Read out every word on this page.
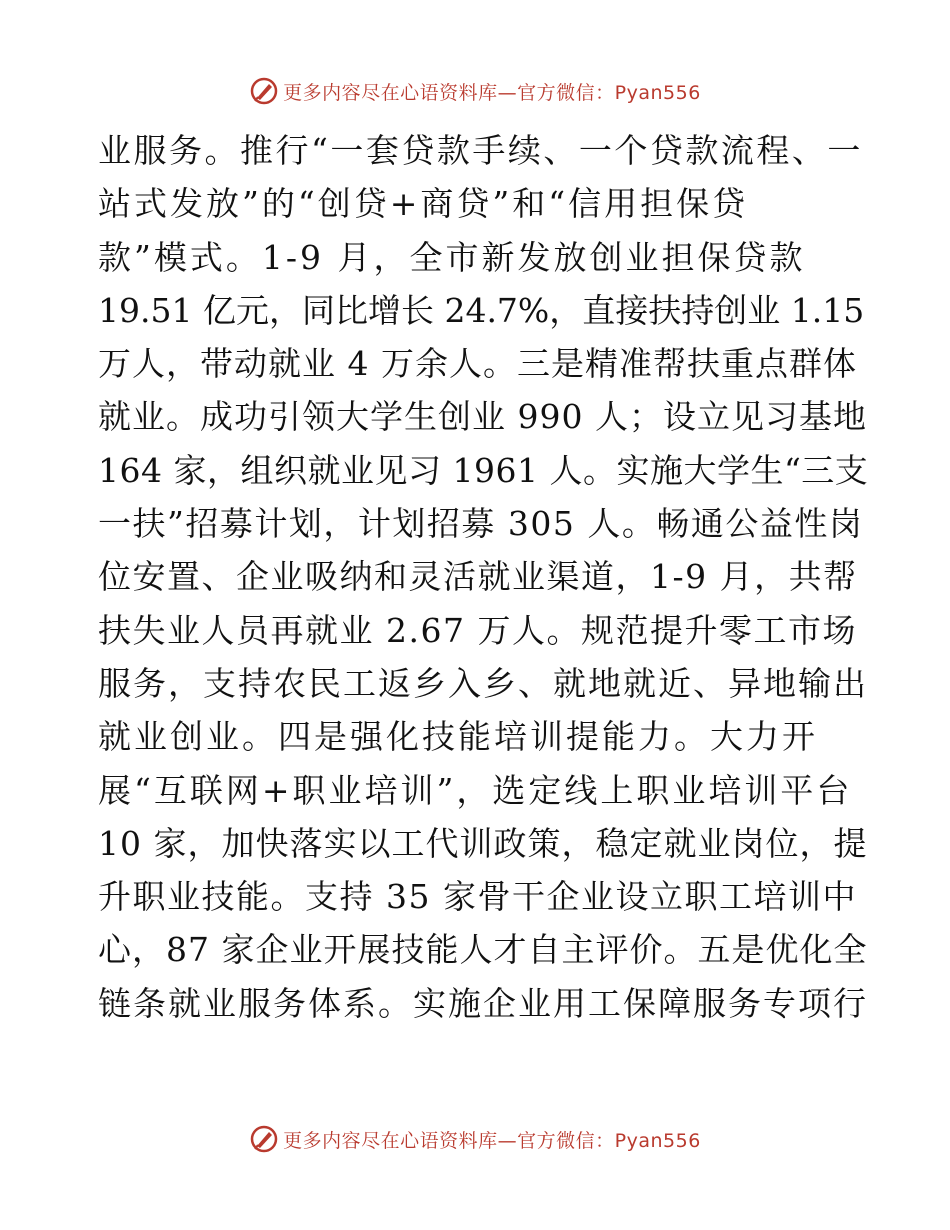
更多内容尽在心语资料库—官方微信：Pyan556
业服务。推行“一套贷款手续、一个贷款流程、一
站式发放”的“创贷+商贷”和“信用担保贷
款”模式。1-9 月，全市新发放创业担保贷款
19.51 亿元，同比增长 24.7%，直接扶持创业 1.15
万人，带动就业 4 万余人。三是精准帮扶重点群体
就业。成功引领大学生创业 990 人；设立见习基地
164 家，组织就业见习 1961 人。实施大学生“三支
一扶”招募计划，计划招募 305 人。畅通公益性岗
位安置、企业吸纳和灵活就业渠道，1-9 月，共帮
扶失业人员再就业 2.67 万人。规范提升零工市场
服务，支持农民工返乡入乡、就地就近、异地输出
就业创业。四是强化技能培训提能力。大力开
展“互联网+职业培训”，选定线上职业培训平台
10 家，加快落实以工代训政策，稳定就业岗位，提
升职业技能。支持 35 家骨干企业设立职工培训中
心，87 家企业开展技能人才自主评价。五是优化全
链条就业服务体系。实施企业用工保障服务专项行
更多内容尽在心语资料库—官方微信：Pyan556
